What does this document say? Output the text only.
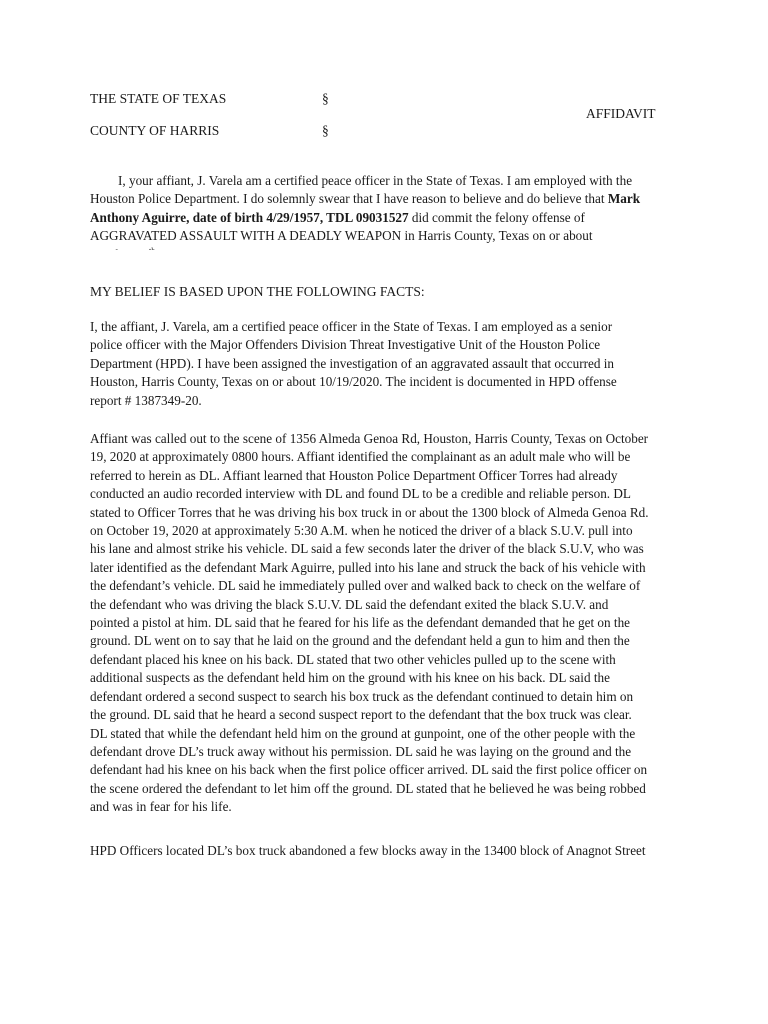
THE STATE OF TEXAS	§
AFFIDAVIT
COUNTY OF HARRIS	§
I, your affiant, J. Varela am a certified peace officer in the State of Texas. I am employed with the
Houston Police Department. I do solemnly swear that I have reason to believe and do believe that Mark
Anthony Aguirre, date of birth 4/29/1957, TDL 09031527 did commit the felony offense of
AGGRAVATED ASSAULT WITH A DEADLY WEAPON in Harris County, Texas on or about
MY BELIEF IS BASED UPON THE FOLLOWING FACTS:
I, the affiant, J. Varela, am a certified peace officer in the State of Texas. I am employed as a senior
police officer with the Major Offenders Division Threat Investigative Unit of the Houston Police
Department (HPD). I have been assigned the investigation of an aggravated assault that occurred in
Houston, Harris County, Texas on or about 10/19/2020. The incident is documented in HPD offense
report # 1387349-20.
Affiant was called out to the scene of 1356 Almeda Genoa Rd, Houston, Harris County, Texas on October
19, 2020 at approximately 0800 hours. Affiant identified the complainant as an adult male who will be
referred to herein as DL. Affiant learned that Houston Police Department Officer Torres had already
conducted an audio recorded interview with DL and found DL to be a credible and reliable person. DL
stated to Officer Torres that he was driving his box truck in or about the 1300 block of Almeda Genoa Rd.
on October 19, 2020 at approximately 5:30 A.M. when he noticed the driver of a black S.U.V. pull into
his lane and almost strike his vehicle. DL said a few seconds later the driver of the black S.U.V, who was
later identified as the defendant Mark Aguirre, pulled into his lane and struck the back of his vehicle with
the defendant’s vehicle. DL said he immediately pulled over and walked back to check on the welfare of
the defendant who was driving the black S.U.V. DL said the defendant exited the black S.U.V. and
pointed a pistol at him. DL said that he feared for his life as the defendant demanded that he get on the
ground. DL went on to say that he laid on the ground and the defendant held a gun to him and then the
defendant placed his knee on his back. DL stated that two other vehicles pulled up to the scene with
additional suspects as the defendant held him on the ground with his knee on his back. DL said the
defendant ordered a second suspect to search his box truck as the defendant continued to detain him on
the ground. DL said that he heard a second suspect report to the defendant that the box truck was clear.
DL stated that while the defendant held him on the ground at gunpoint, one of the other people with the
defendant drove DL’s truck away without his permission. DL said he was laying on the ground and the
defendant had his knee on his back when the first police officer arrived. DL said the first police officer on
the scene ordered the defendant to let him off the ground. DL stated that he believed he was being robbed
and was in fear for his life.
HPD Officers located DL’s box truck abandoned a few blocks away in the 13400 block of Anagnot Street
